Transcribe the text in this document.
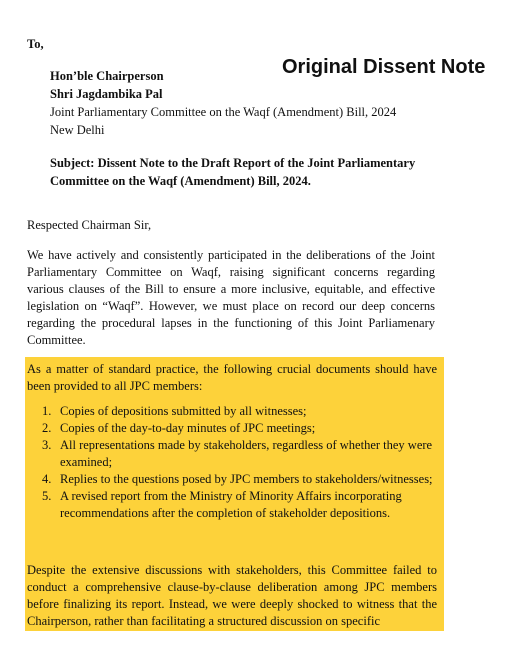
To,
Original Dissent Note
Hon’ble Chairperson
Shri Jagdambika Pal
Joint Parliamentary Committee on the Waqf (Amendment) Bill, 2024
New Delhi
Subject: Dissent Note to the Draft Report of the Joint Parliamentary Committee on the Waqf (Amendment) Bill, 2024.
Respected Chairman Sir,
We have actively and consistently participated in the deliberations of the Joint Parliamentary Committee on Waqf, raising significant concerns regarding various clauses of the Bill to ensure a more inclusive, equitable, and effective legislation on “Waqf”. However, we must place on record our deep concerns regarding the procedural lapses in the functioning of this Joint Parliamenary Committee.
As a matter of standard practice, the following crucial documents should have been provided to all JPC members:
1. Copies of depositions submitted by all witnesses;
2. Copies of the day-to-day minutes of JPC meetings;
3. All representations made by stakeholders, regardless of whether they were examined;
4. Replies to the questions posed by JPC members to stakeholders/witnesses;
5. A revised report from the Ministry of Minority Affairs incorporating recommendations after the completion of stakeholder depositions.
Despite the extensive discussions with stakeholders, this Committee failed to conduct a comprehensive clause-by-clause deliberation among JPC members before finalizing its report. Instead, we were deeply shocked to witness that the Chairperson, rather than facilitating a structured discussion on specific
